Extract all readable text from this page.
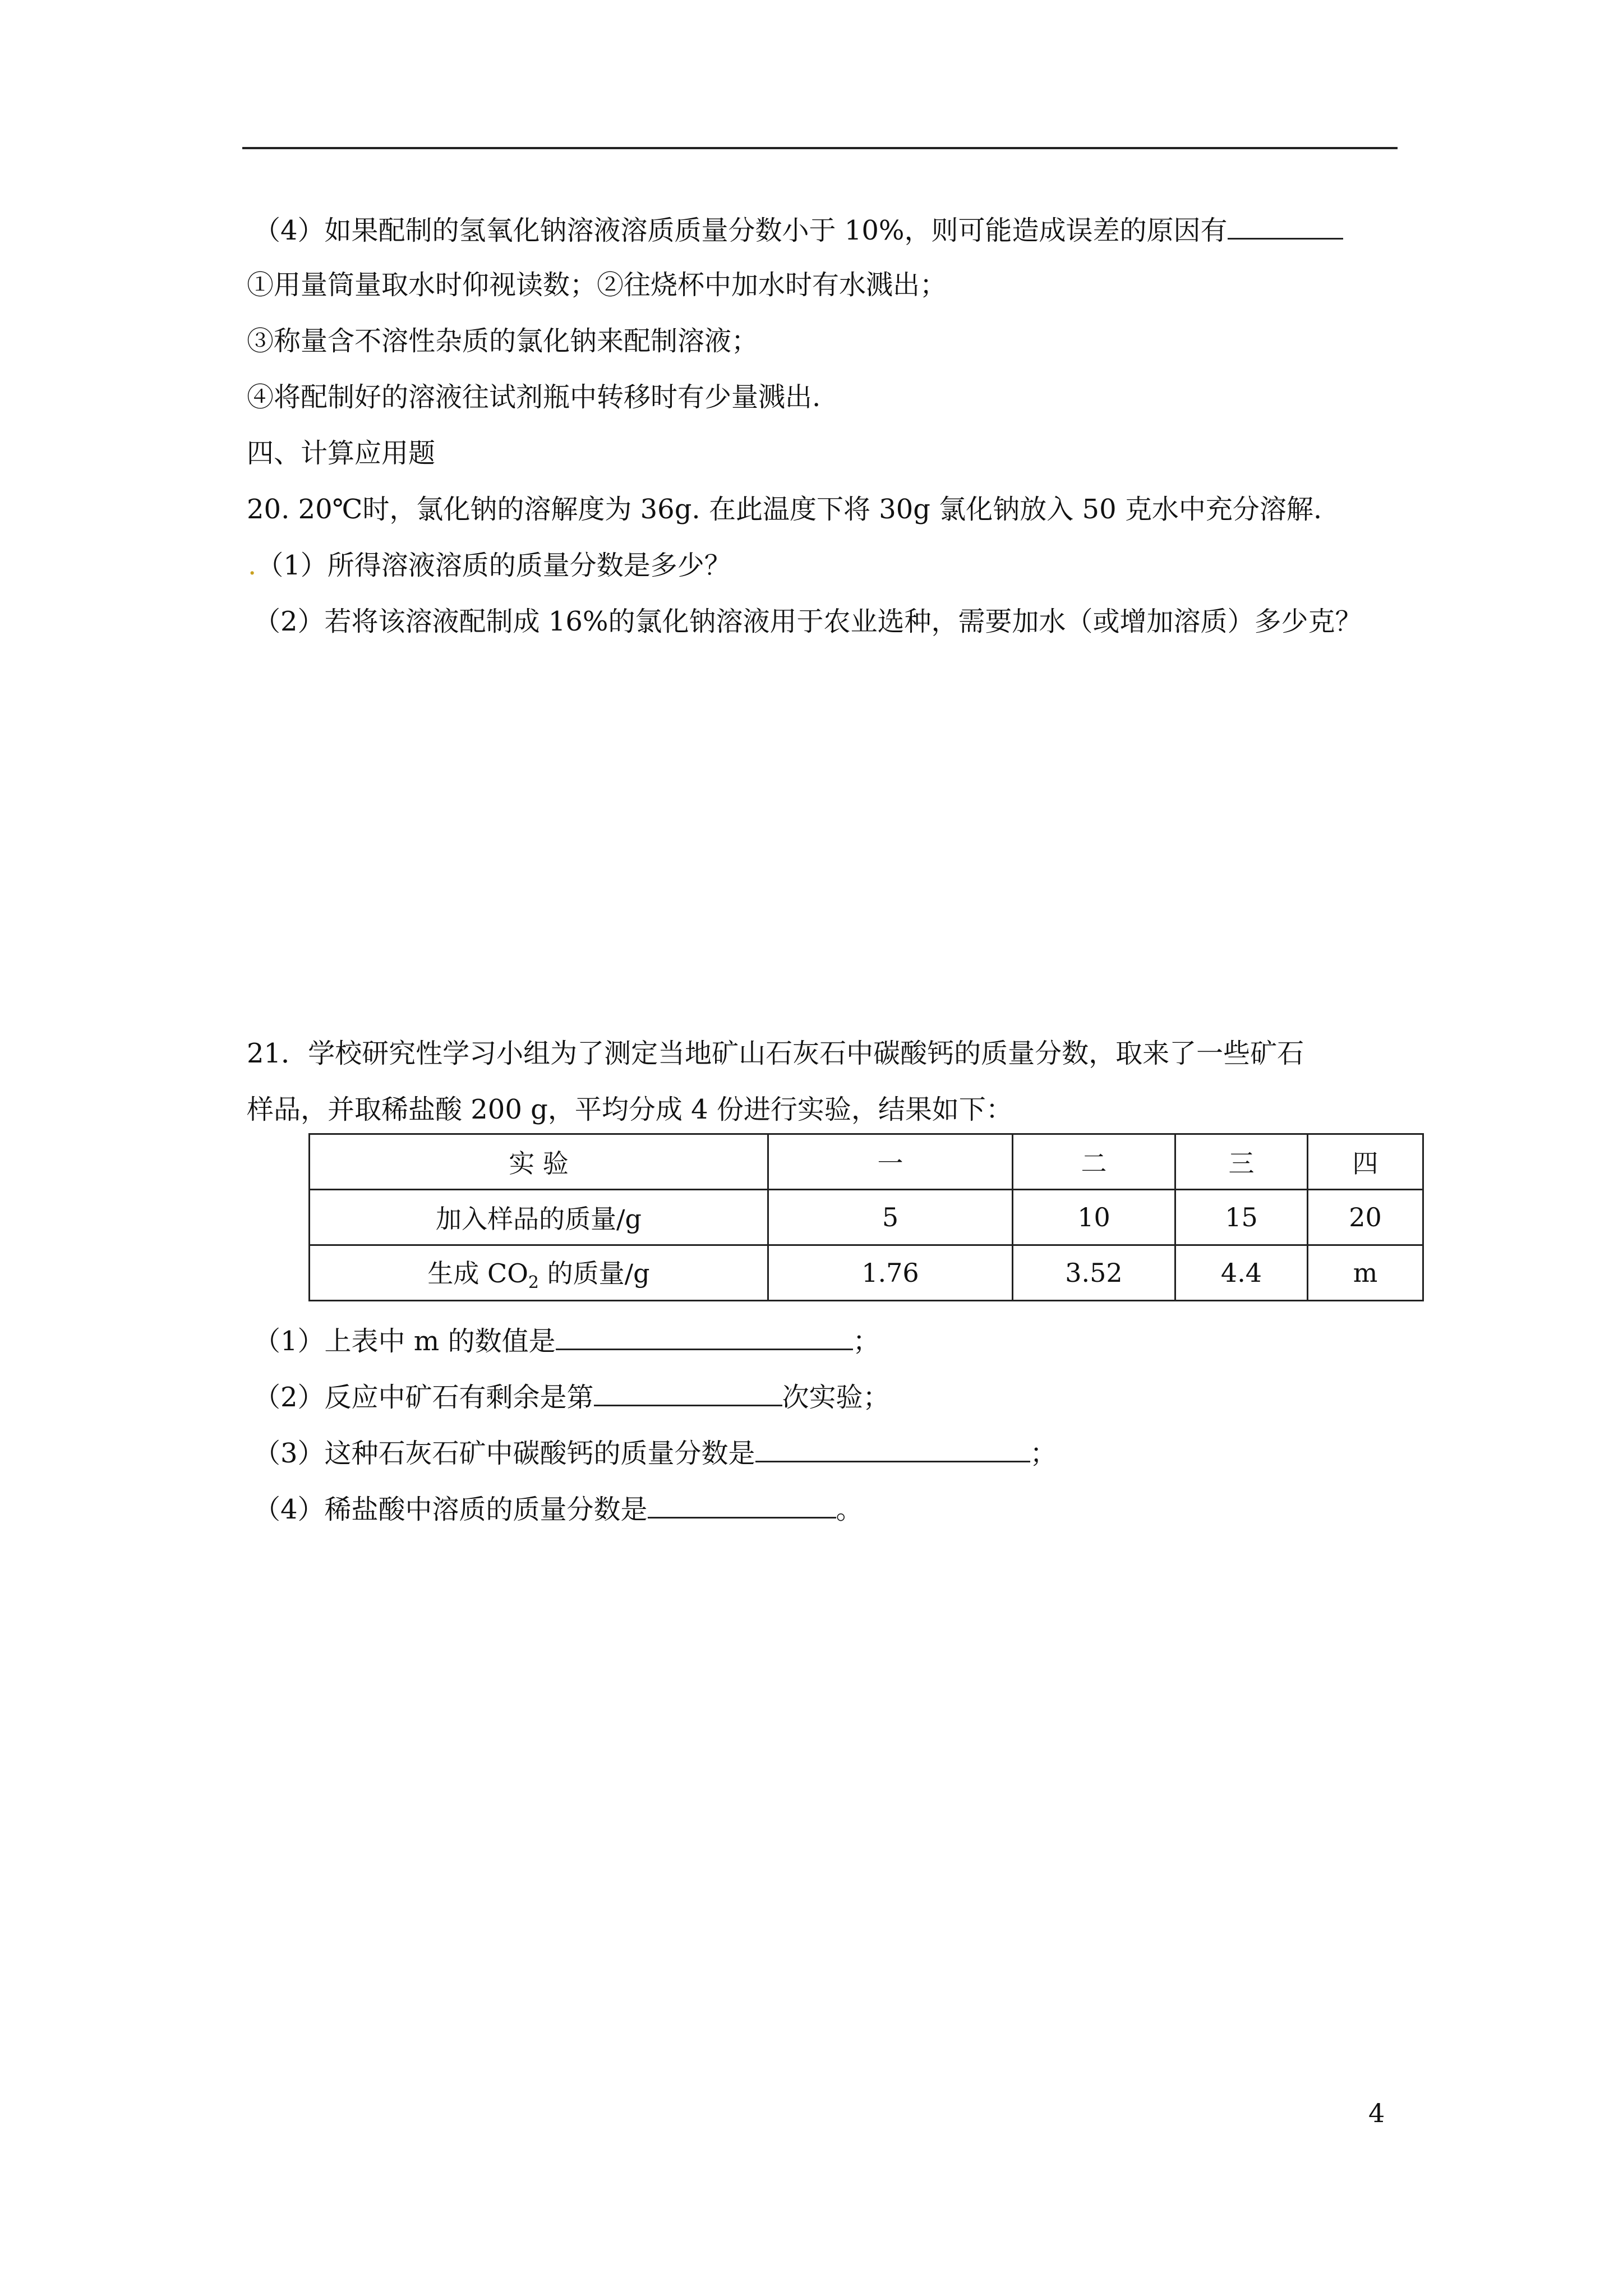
（4）如果配制的氢氧化钠溶液溶质质量分数小于 10%，则可能造成误差的原因有
①用量筒量取水时仰视读数；②往烧杯中加水时有水溅出；
③称量含不溶性杂质的氯化钠来配制溶液；
④将配制好的溶液往试剂瓶中转移时有少量溅出.
四、计算应用题
20. 20℃时，氯化钠的溶解度为 36g. 在此温度下将 30g 氯化钠放入 50 克水中充分溶解.
.（1）所得溶液溶质的质量分数是多少？
（2）若将该溶液配制成 16%的氯化钠溶液用于农业选种，需要加水（或增加溶质）多少克？
21．学校研究性学习小组为了测定当地矿山石灰石中碳酸钙的质量分数，取来了一些矿石
样品，并取稀盐酸 200 g，平均分成 4 份进行实验，结果如下：
实 验	一	二	三	四
加入样品的质量/g	5	10	15	20
生成 $CO_2$ 的质量/g	1.76	3.52	4.4	m
（1）上表中 m 的数值是	；
（2）反应中矿石有剩余是第	次实验；
（3）这种石灰石矿中碳酸钙的质量分数是	；
（4）稀盐酸中溶质的质量分数是	。
4
